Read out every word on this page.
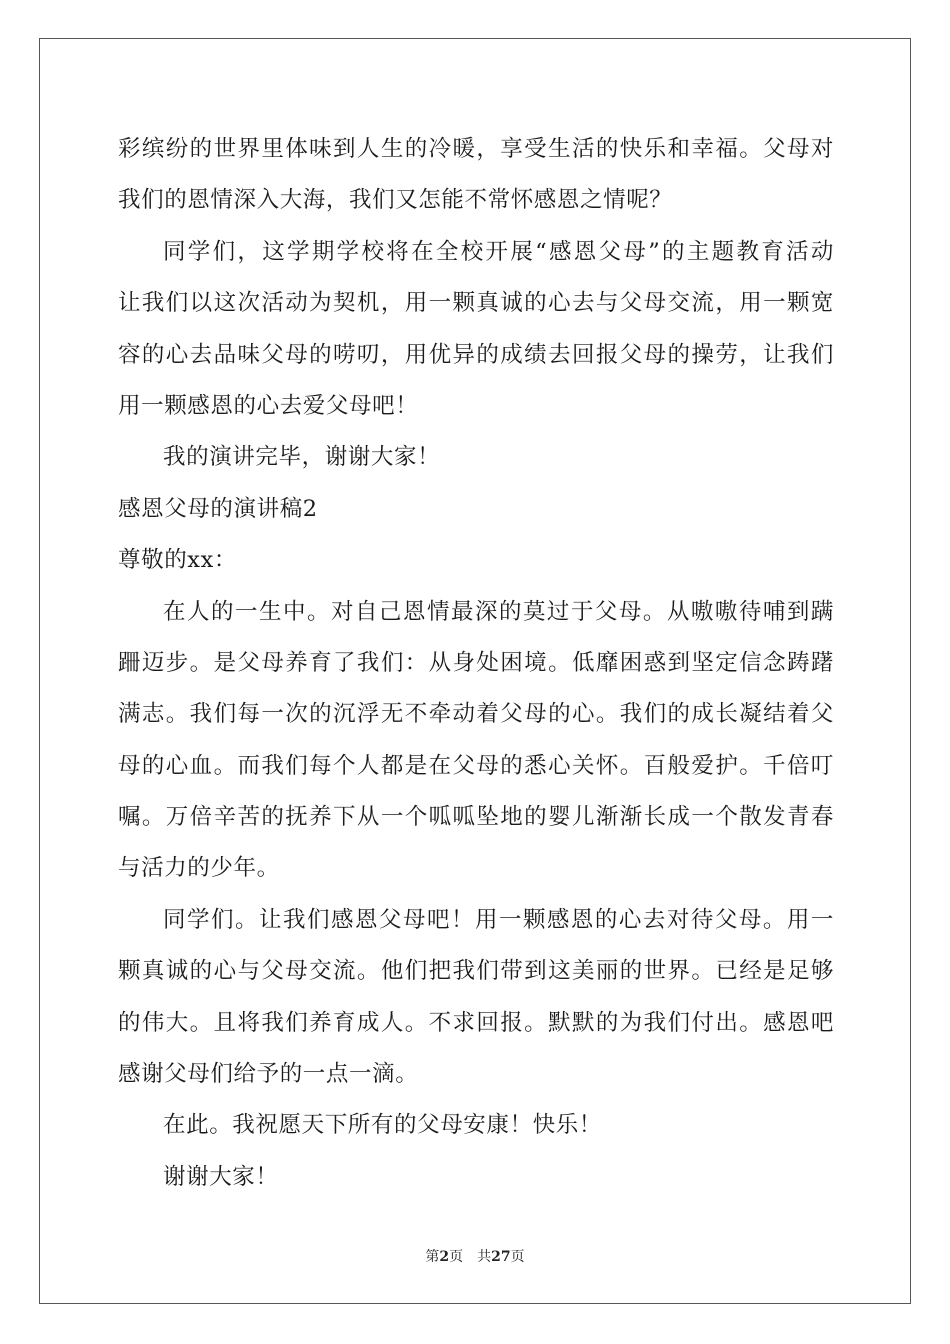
彩缤纷的世界里体味到人生的冷暖，享受生活的快乐和幸福。父母对
我们的恩情深入大海，我们又怎能不常怀感恩之情呢？
同学们，这学期学校将在全校开展“感恩父母”的主题教育活动
让我们以这次活动为契机，用一颗真诚的心去与父母交流，用一颗宽
容的心去品味父母的唠叨，用优异的成绩去回报父母的操劳，让我们
用一颗感恩的心去爱父母吧！
我的演讲完毕，谢谢大家！
感恩父母的演讲稿2
尊敬的xx：
在人的一生中。对自己恩情最深的莫过于父母。从嗷嗷待哺到蹒
跚迈步。是父母养育了我们：从身处困境。低靡困惑到坚定信念踌躇
满志。我们每一次的沉浮无不牵动着父母的心。我们的成长凝结着父
母的心血。而我们每个人都是在父母的悉心关怀。百般爱护。千倍叮
嘱。万倍辛苦的抚养下从一个呱呱坠地的婴儿渐渐长成一个散发青春
与活力的少年。
同学们。让我们感恩父母吧！用一颗感恩的心去对待父母。用一
颗真诚的心与父母交流。他们把我们带到这美丽的世界。已经是足够
的伟大。且将我们养育成人。不求回报。默默的为我们付出。感恩吧
感谢父母们给予的一点一滴。
在此。我祝愿天下所有的父母安康！快乐！
谢谢大家！
第2页 共27页
